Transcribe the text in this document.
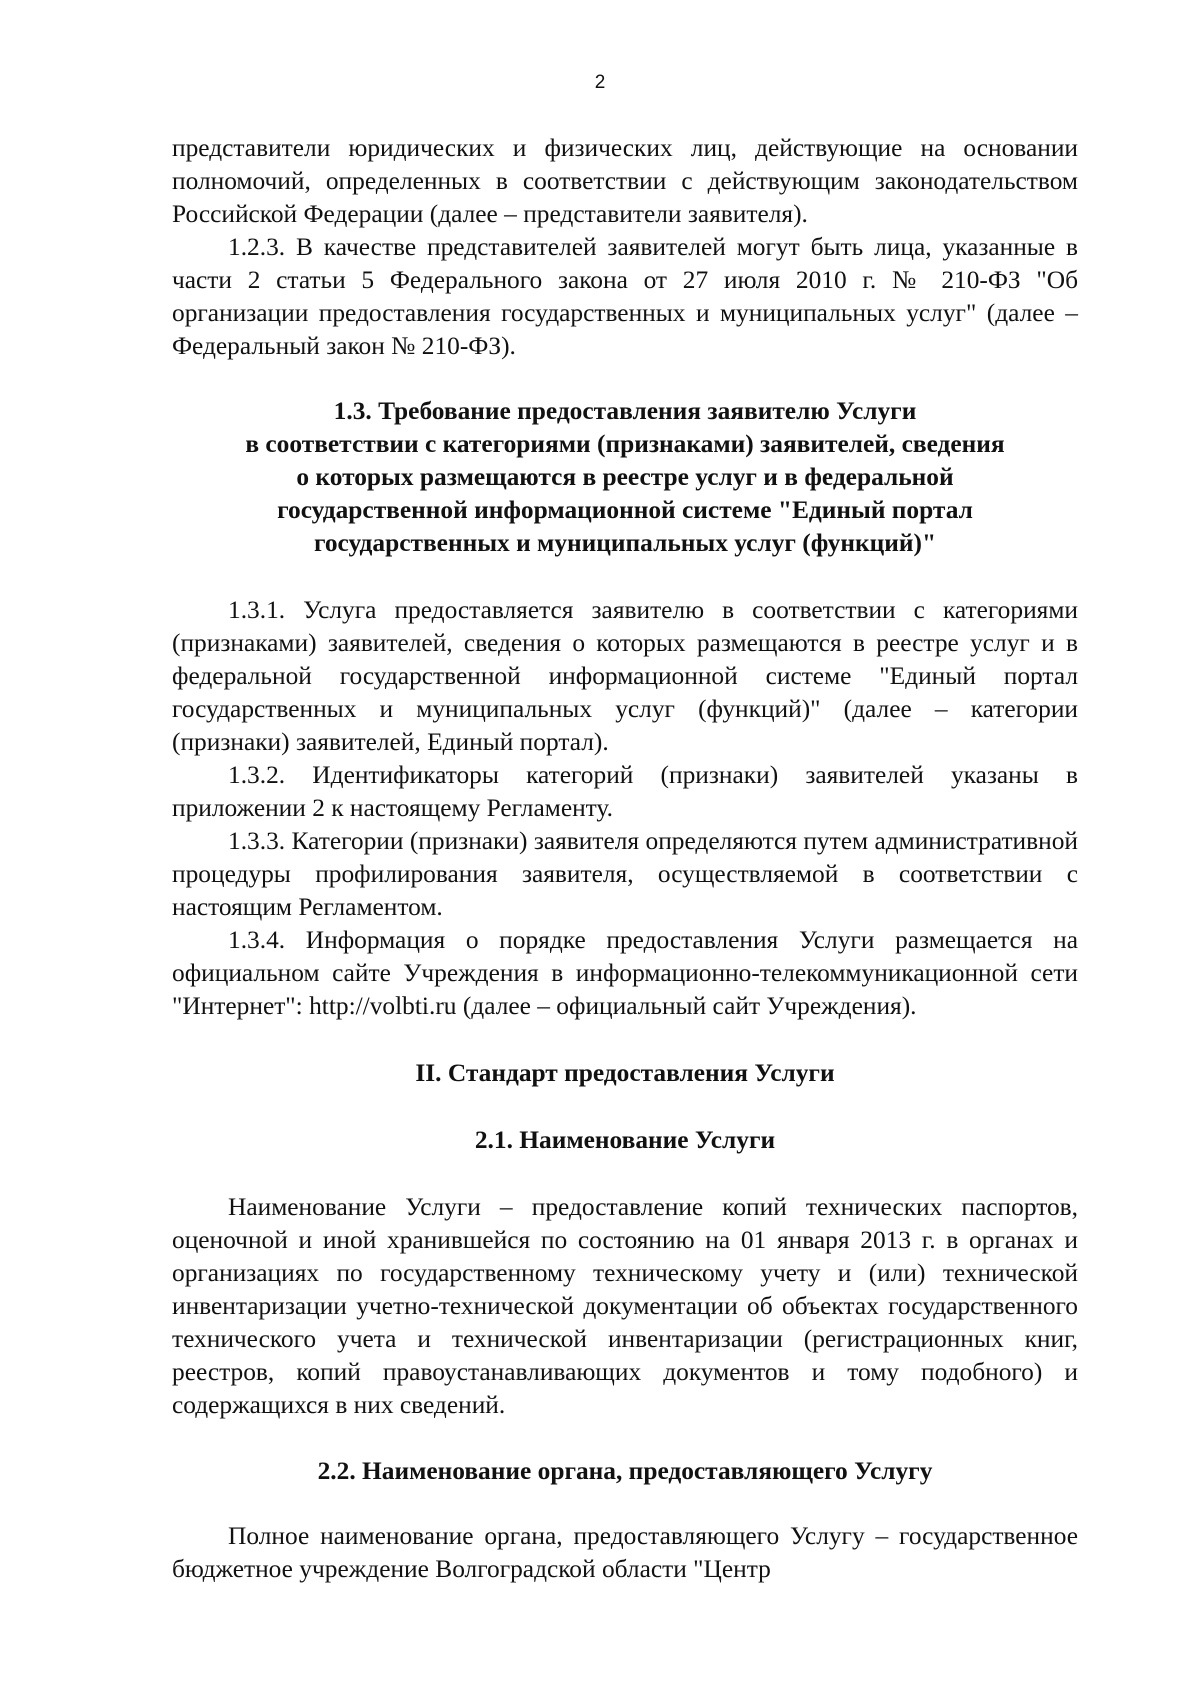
2

представители юридических и физических лиц, действующие на основании полномочий, определенных в соответствии с действующим законодательством Российской Федерации (далее – представители заявителя).

1.2.3. В качестве представителей заявителей могут быть лица, указанные в части 2 статьи 5 Федерального закона от 27 июля 2010 г. № 210-ФЗ "Об организации предоставления государственных и муниципальных услуг" (далее – Федеральный закон № 210-ФЗ).

1.3. Требование предоставления заявителю Услуги
в соответствии с категориями (признаками) заявителей, сведения
о которых размещаются в реестре услуг и в федеральной
государственной информационной системе "Единый портал
государственных и муниципальных услуг (функций)"

1.3.1. Услуга предоставляется заявителю в соответствии с категориями (признаками) заявителей, сведения о которых размещаются в реестре услуг и в федеральной государственной информационной системе "Единый портал государственных и муниципальных услуг (функций)" (далее – категории (признаки) заявителей, Единый портал).

1.3.2. Идентификаторы категорий (признаки) заявителей указаны в приложении 2 к настоящему Регламенту.

1.3.3. Категории (признаки) заявителя определяются путем административной процедуры профилирования заявителя, осуществляемой в соответствии с настоящим Регламентом.

1.3.4. Информация о порядке предоставления Услуги размещается на официальном сайте Учреждения в информационно-телекоммуникационной сети "Интернет": http://volbti.ru (далее – официальный сайт Учреждения).

II. Стандарт предоставления Услуги
2.1. Наименование Услуги

Наименование Услуги – предоставление копий технических паспортов, оценочной и иной хранившейся по состоянию на 01 января 2013 г. в органах и организациях по государственному техническому учету и (или) технической инвентаризации учетно-технической документации об объектах государственного технического учета и технической инвентаризации (регистрационных книг, реестров, копий правоустанавливающих документов и тому подобного) и содержащихся в них сведений.

2.2. Наименование органа, предоставляющего Услугу

Полное наименование органа, предоставляющего Услугу – государственное бюджетное учреждение Волгоградской области "Центр
